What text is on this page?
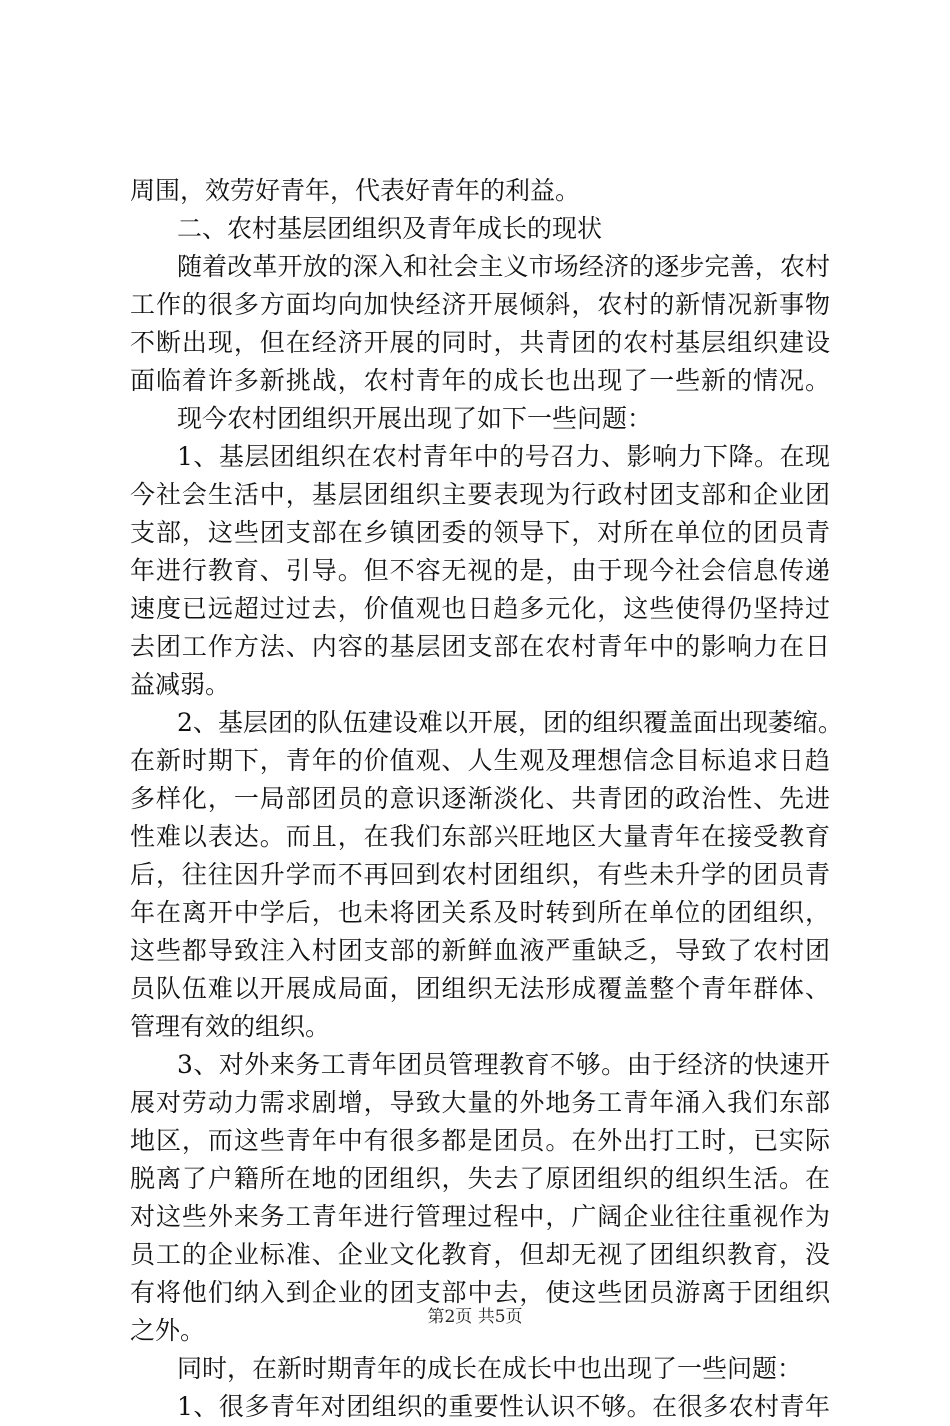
周围，效劳好青年，代表好青年的利益。
二、农村基层团组织及青年成长的现状
随着改革开放的深入和社会主义市场经济的逐步完善，农村
工作的很多方面均向加快经济开展倾斜，农村的新情况新事物
不断出现，但在经济开展的同时，共青团的农村基层组织建设
面临着许多新挑战，农村青年的成长也出现了一些新的情况。
现今农村团组织开展出现了如下一些问题：
1、基层团组织在农村青年中的号召力、影响力下降。在现
今社会生活中，基层团组织主要表现为行政村团支部和企业团
支部，这些团支部在乡镇团委的领导下，对所在单位的团员青
年进行教育、引导。但不容无视的是，由于现今社会信息传递
速度已远超过过去，价值观也日趋多元化，这些使得仍坚持过
去团工作方法、内容的基层团支部在农村青年中的影响力在日
益减弱。
2、基层团的队伍建设难以开展，团的组织覆盖面出现萎缩。
在新时期下，青年的价值观、人生观及理想信念目标追求日趋
多样化，一局部团员的意识逐渐淡化、共青团的政治性、先进
性难以表达。而且，在我们东部兴旺地区大量青年在接受教育
后，往往因升学而不再回到农村团组织，有些未升学的团员青
年在离开中学后，也未将团关系及时转到所在单位的团组织，
这些都导致注入村团支部的新鲜血液严重缺乏，导致了农村团
员队伍难以开展成局面，团组织无法形成覆盖整个青年群体、
管理有效的组织。
3、对外来务工青年团员管理教育不够。由于经济的快速开
展对劳动力需求剧增，导致大量的外地务工青年涌入我们东部
地区，而这些青年中有很多都是团员。在外出打工时，已实际
脱离了户籍所在地的团组织，失去了原团组织的组织生活。在
对这些外来务工青年进行管理过程中，广阔企业往往重视作为
员工的企业标准、企业文化教育，但却无视了团组织教育，没
有将他们纳入到企业的团支部中去，使这些团员游离于团组织
之外。
同时，在新时期青年的成长在成长中也出现了一些问题：
1、很多青年对团组织的重要性认识不够。在很多农村青年
第2页 共5页
